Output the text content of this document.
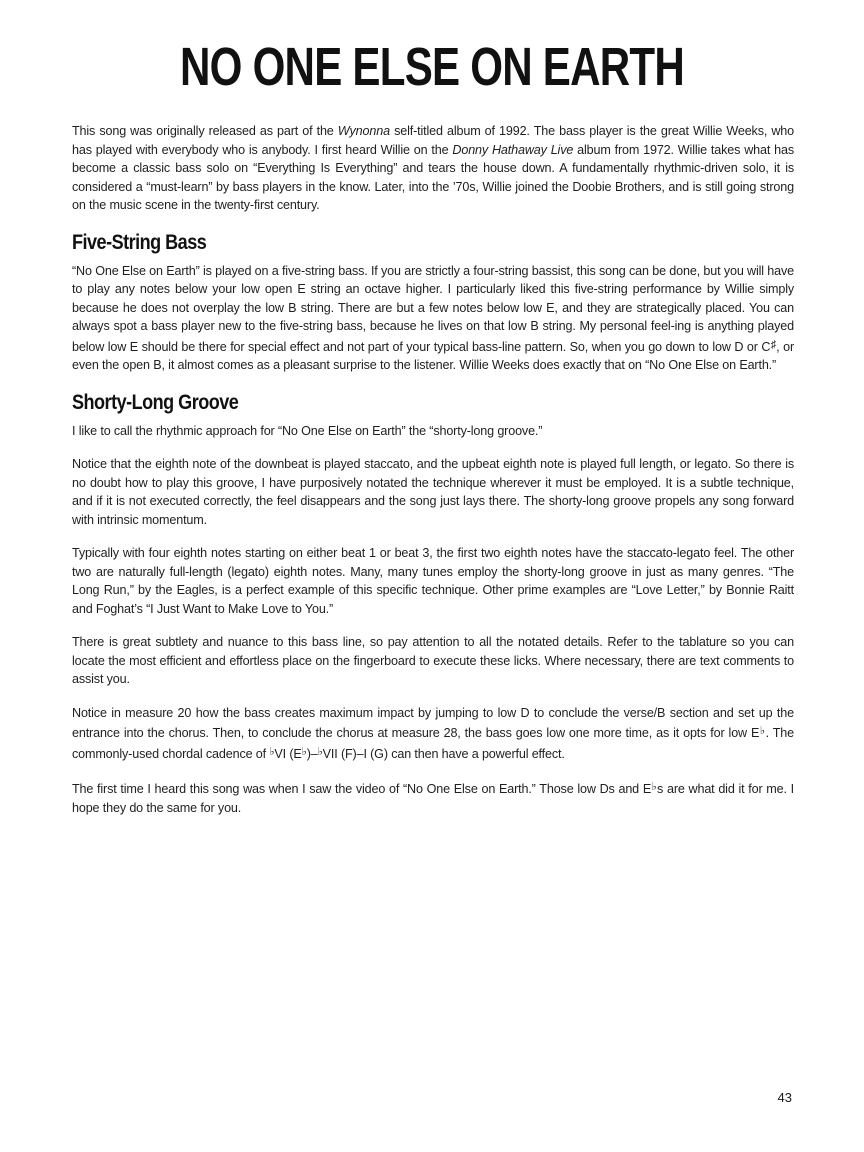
NO ONE ELSE ON EARTH

This song was originally released as part of the Wynonna self-titled album of 1992. The bass player is the great Willie Weeks, who has played with everybody who is anybody. I first heard Willie on the Donny Hathaway Live album from 1972. Willie takes what has become a classic bass solo on “Everything Is Everything” and tears the house down. A fundamentally rhythmic-driven solo, it is considered a “must-learn” by bass players in the know. Later, into the ’70s, Willie joined the Doobie Brothers, and is still going strong on the music scene in the twenty-first century.

Five-String Bass

“No One Else on Earth” is played on a five-string bass. If you are strictly a four-string bassist, this song can be done, but you will have to play any notes below your low open E string an octave higher. I particularly liked this five-string performance by Willie simply because he does not overplay the low B string. There are but a few notes below low E, and they are strategically placed. You can always spot a bass player new to the five-string bass, because he lives on that low B string. My personal feel-ing is anything played below low E should be there for special effect and not part of your typical bass-line pattern. So, when you go down to low D or C♯, or even the open B, it almost comes as a pleasant surprise to the listener. Willie Weeks does exactly that on “No One Else on Earth.”

Shorty-Long Groove

I like to call the rhythmic approach for “No One Else on Earth” the “shorty-long groove.”

Notice that the eighth note of the downbeat is played staccato, and the upbeat eighth note is played full length, or legato. So there is no doubt how to play this groove, I have purposively notated the technique wherever it must be employed. It is a subtle technique, and if it is not executed correctly, the feel disappears and the song just lays there. The shorty-long groove propels any song forward with intrinsic momentum.

Typically with four eighth notes starting on either beat 1 or beat 3, the first two eighth notes have the staccato-legato feel. The other two are naturally full-length (legato) eighth notes. Many, many tunes employ the shorty-long groove in just as many genres. “The Long Run,” by the Eagles, is a perfect example of this specific technique. Other prime examples are “Love Letter,” by Bonnie Raitt and Foghat’s “I Just Want to Make Love to You.”

There is great subtlety and nuance to this bass line, so pay attention to all the notated details. Refer to the tablature so you can locate the most efficient and effortless place on the fingerboard to execute these licks. Where necessary, there are text comments to assist you.

Notice in measure 20 how the bass creates maximum impact by jumping to low D to conclude the verse/B section and set up the entrance into the chorus. Then, to conclude the chorus at measure 28, the bass goes low one more time, as it opts for low E♭. The commonly-used chordal cadence of ♭VI (E♭)–♭VII (F)–I (G) can then have a powerful effect.

The first time I heard this song was when I saw the video of “No One Else on Earth.” Those low Ds and E♭s are what did it for me. I hope they do the same for you.

43
